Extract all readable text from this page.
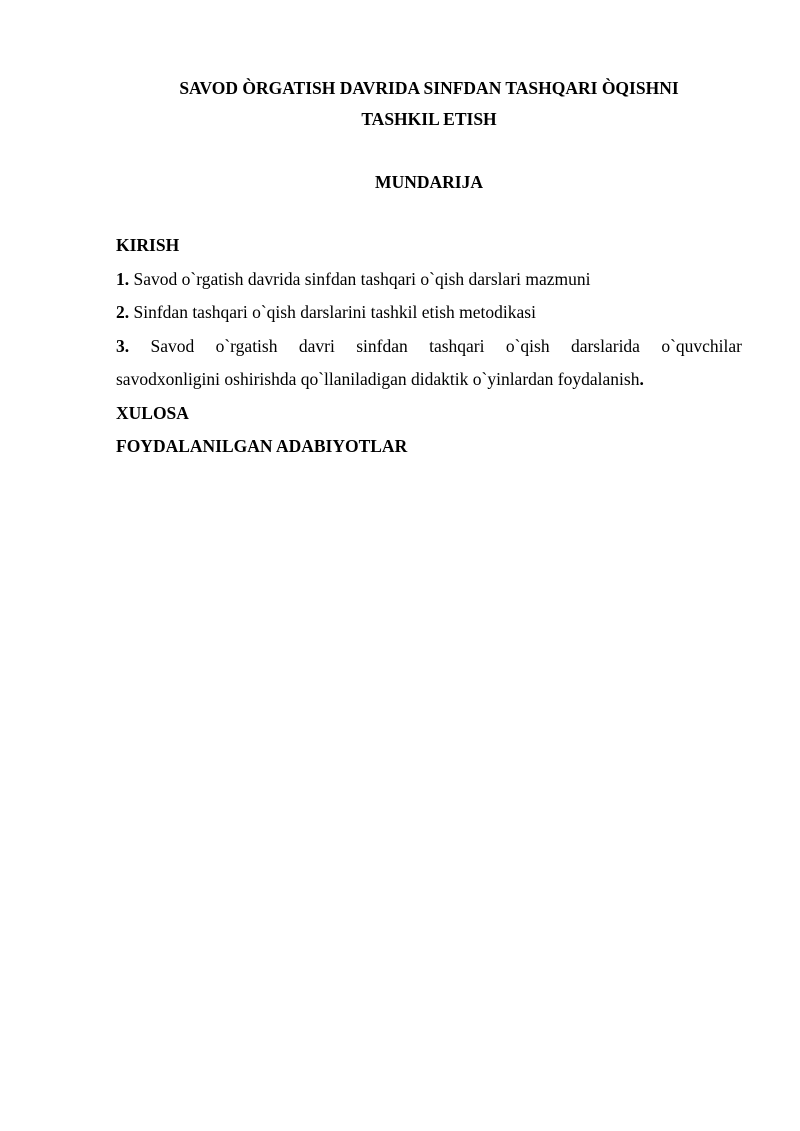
SAVOD ÒRGATISH DAVRIDA SINFDAN TASHQARI ÒQISHNI
TASHKIL ETISH
MUNDARIJA
KIRISH
1. Savod o`rgatish davrida sinfdan tashqari o`qish darslari mazmuni
2. Sinfdan tashqari o`qish darslarini tashkil etish metodikasi
3. Savod o`rgatish davri sinfdan tashqari o`qish darslarida o`quvchilar
savodxonligini oshirishda qo`llaniladigan didaktik o`yinlardan foydalanish.
XULOSA
FOYDALANILGAN ADABIYOTLAR
